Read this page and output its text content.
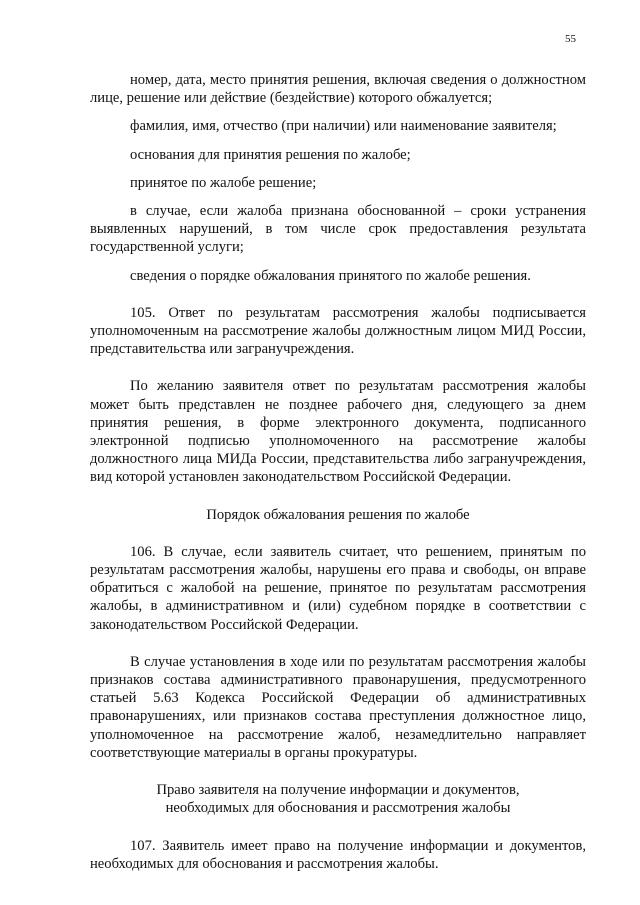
55

номер, дата, место принятия решения, включая сведения о должностном лице, решение или действие (бездействие) которого обжалуется;

фамилия, имя, отчество (при наличии) или наименование заявителя;

основания для принятия решения по жалобе;

принятое по жалобе решение;

в случае, если жалоба признана обоснованной – сроки устранения выявленных нарушений, в том числе срок предоставления результата государственной услуги;

сведения о порядке обжалования принятого по жалобе решения.

105. Ответ по результатам рассмотрения жалобы подписывается уполномоченным на рассмотрение жалобы должностным лицом МИД России, представительства или загранучреждения.

По желанию заявителя ответ по результатам рассмотрения жалобы может быть представлен не позднее рабочего дня, следующего за днем принятия решения, в форме электронного документа, подписанного электронной подписью уполномоченного на рассмотрение жалобы должностного лица МИДа России, представительства либо загранучреждения, вид которой установлен законодательством Российской Федерации.

Порядок обжалования решения по жалобе

106. В случае, если заявитель считает, что решением, принятым по результатам рассмотрения жалобы, нарушены его права и свободы, он вправе обратиться с жалобой на решение, принятое по результатам рассмотрения жалобы, в административном и (или) судебном порядке в соответствии с законодательством Российской Федерации.

В случае установления в ходе или по результатам рассмотрения жалобы признаков состава административного правонарушения, предусмотренного статьей 5.63 Кодекса Российской Федерации об административных правонарушениях, или признаков состава преступления должностное лицо, уполномоченное на рассмотрение жалоб, незамедлительно направляет соответствующие материалы в органы прокуратуры.

Право заявителя на получение информации и документов,
необходимых для обоснования и рассмотрения жалобы

107. Заявитель имеет право на получение информации и документов, необходимых для обоснования и рассмотрения жалобы.
